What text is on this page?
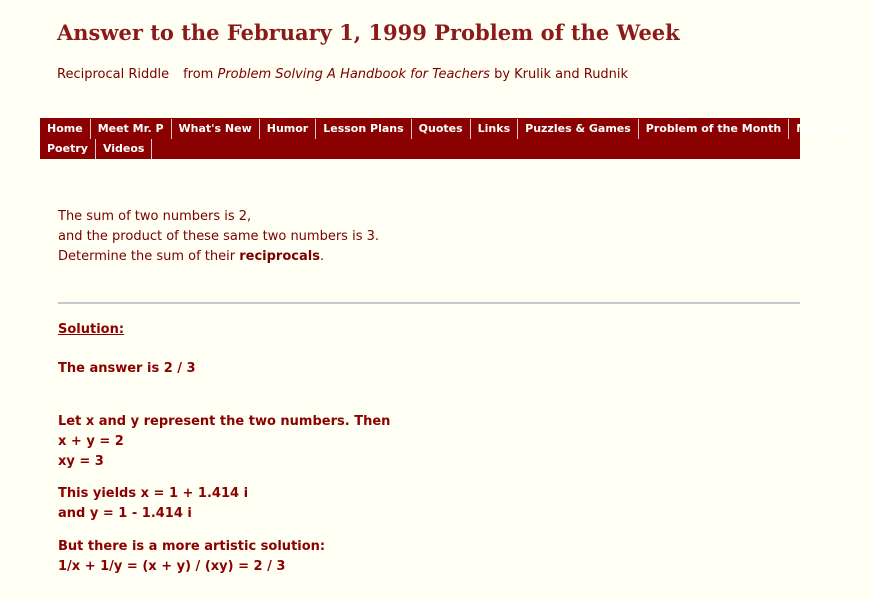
Answer to the February 1, 1999 Problem of the Week
Reciprocal Riddle from Problem Solving A Handbook for Teachers by Krulik and Rudnik
Home	Meet Mr. P	What's New	Humor	Lesson Plans	Quotes	Links	Puzzles & Games	Problem of the Month	Math Facts
Poetry	Videos
The sum of two numbers is 2,
and the product of these same two numbers is 3.
Determine the sum of their reciprocals.
Solution:
The answer is 2 / 3
Let x and y represent the two numbers. Then
x + y = 2
xy = 3
This yields x = 1 + 1.414 i
and y = 1 - 1.414 i
But there is a more artistic solution:
1/x + 1/y = (x + y) / (xy) = 2 / 3
